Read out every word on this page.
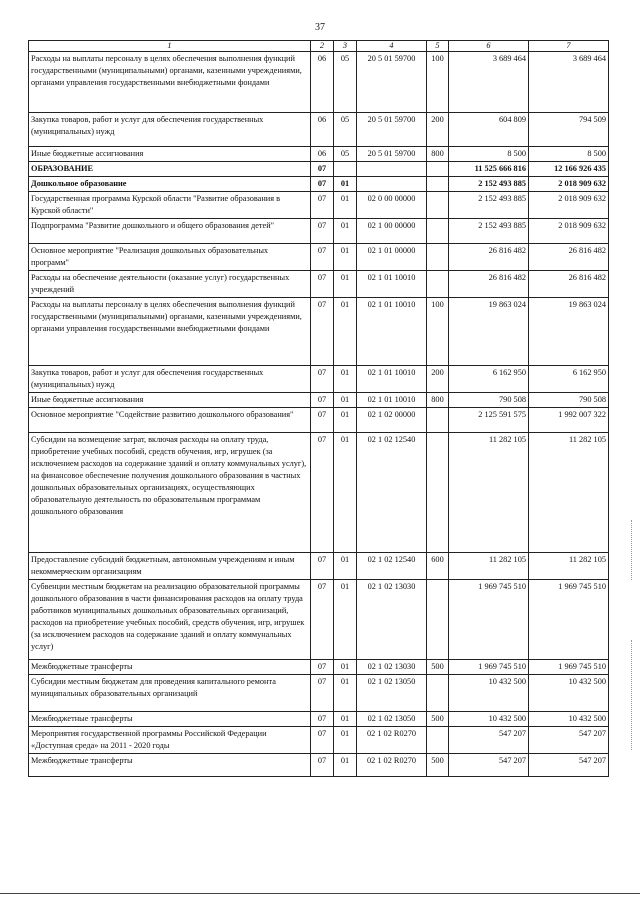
37
1	2	3	4	5	6	7
Расходы на выплаты персоналу в целях обеспечения выполнения функций государственными (муниципальными) органами, казенными учреждениями, органами управления государственными внебюджетными фондами	06	05	20 5 01 59700	100	3 689 464	3 689 464
Закупка товаров, работ и услуг для обеспечения государственных (муниципальных) нужд	06	05	20 5 01 59700	200	604 809	794 509
Иные бюджетные ассигнования	06	05	20 5 01 59700	800	8 500	8 500
ОБРАЗОВАНИЕ	07				11 525 666 816	12 166 926 435
Дошкольное образование	07	01			2 152 493 885	2 018 909 632
Государственная программа Курской области "Развитие образования в Курской области"	07	01	02 0 00 00000		2 152 493 885	2 018 909 632
Подпрограмма "Развитие дошкольного и общего образования детей"	07	01	02 1 00 00000		2 152 493 885	2 018 909 632
Основное мероприятие "Реализация дошкольных образовательных программ"	07	01	02 1 01 00000		26 816 482	26 816 482
Расходы на обеспечение деятельности (оказание услуг) государственных учреждений	07	01	02 1 01 10010		26 816 482	26 816 482
Расходы на выплаты персоналу в целях обеспечения выполнения функций государственными (муниципальными) органами, казенными учреждениями, органами управления государственными внебюджетными фондами	07	01	02 1 01 10010	100	19 863 024	19 863 024
Закупка товаров, работ и услуг для обеспечения государственных (муниципальных) нужд	07	01	02 1 01 10010	200	6 162 950	6 162 950
Иные бюджетные ассигнования	07	01	02 1 01 10010	800	790 508	790 508
Основное мероприятие "Содействие развитию дошкольного образования"	07	01	02 1 02 00000		2 125 591 575	1 992 007 322
Субсидии на возмещение затрат, включая расходы на оплату труда, приобретение учебных пособий, средств обучения, игр, игрушек (за исключением расходов на содержание зданий и оплату коммунальных услуг), на финансовое обеспечение получения дошкольного образования в частных дошкольных образовательных организациях, осуществляющих образовательную деятельность по образовательным программам дошкольного образования	07	01	02 1 02 12540		11 282 105	11 282 105
Предоставление субсидий бюджетным, автономным учреждениям и иным некоммерческим организациям	07	01	02 1 02 12540	600	11 282 105	11 282 105
Субвенции местным бюджетам на реализацию образовательной программы дошкольного образования в части финансирования расходов на оплату труда работников муниципальных дошкольных образовательных организаций, расходов на приобретение учебных пособий, средств обучения, игр, игрушек (за исключением расходов на содержание зданий и оплату коммунальных услуг)	07	01	02 1 02 13030		1 969 745 510	1 969 745 510
Межбюджетные трансферты	07	01	02 1 02 13030	500	1 969 745 510	1 969 745 510
Субсидии местным бюджетам для проведения капитального ремонта муниципальных образовательных организаций	07	01	02 1 02 13050		10 432 500	10 432 500
Межбюджетные трансферты	07	01	02 1 02 13050	500	10 432 500	10 432 500
Мероприятия государственной программы Российской Федерации «Доступная среда» на 2011 - 2020 годы	07	01	02 1 02 R0270		547 207	547 207
Межбюджетные трансферты	07	01	02 1 02 R0270	500	547 207	547 207
